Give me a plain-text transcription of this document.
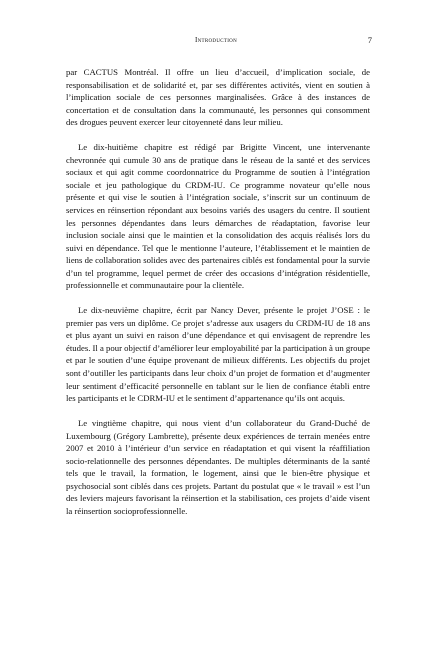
Introduction	7

par CACTUS Montréal. Il offre un lieu d’accueil, d’implication sociale, de responsabilisation et de solidarité et, par ses différentes activités, vient en soutien à l’implication sociale de ces personnes marginalisées. Grâce à des instances de concertation et de consultation dans la communauté, les personnes qui consomment des drogues peuvent exercer leur citoyenneté dans leur milieu.

Le dix-huitième chapitre est rédigé par Brigitte Vincent, une intervenante chevronnée qui cumule 30 ans de pratique dans le réseau de la santé et des services sociaux et qui agit comme coordonnatrice du Programme de soutien à l’intégration sociale et jeu pathologique du CRDM-IU. Ce programme novateur qu’elle nous présente et qui vise le soutien à l’intégration sociale, s’inscrit sur un continuum de services en réinsertion répondant aux besoins variés des usagers du centre. Il soutient les personnes dépendantes dans leurs démarches de réadaptation, favorise leur inclusion sociale ainsi que le maintien et la consolidation des acquis réalisés lors du suivi en dépendance. Tel que le mentionne l’auteure, l’établissement et le maintien de liens de collaboration solides avec des partenaires ciblés est fondamental pour la survie d’un tel programme, lequel permet de créer des occasions d’intégration résidentielle, professionnelle et communautaire pour la clientèle.

Le dix-neuvième chapitre, écrit par Nancy Dever, présente le projet J’OSE : le premier pas vers un diplôme. Ce projet s’adresse aux usagers du CRDM-IU de 18 ans et plus ayant un suivi en raison d’une dépendance et qui envisagent de reprendre les études. Il a pour objectif d’améliorer leur employabilité par la participation à un groupe et par le soutien d’une équipe provenant de milieux différents. Les objectifs du projet sont d’outiller les participants dans leur choix d’un projet de formation et d’augmenter leur sentiment d’efficacité personnelle en tablant sur le lien de confiance établi entre les participants et le CDRM-IU et le sentiment d’appartenance qu’ils ont acquis.

Le vingtième chapitre, qui nous vient d’un collaborateur du Grand-Duché de Luxembourg (Grégory Lambrette), présente deux expériences de terrain menées entre 2007 et 2010 à l’intérieur d’un service en réadaptation et qui visent la réaffiliation socio-relationnelle des personnes dépendantes. De multiples déterminants de la santé tels que le travail, la formation, le logement, ainsi que le bien-être physique et psychosocial sont ciblés dans ces projets. Partant du postulat que « le travail » est l’un des leviers majeurs favorisant la réinsertion et la stabilisation, ces projets d’aide visent la réinsertion socioprofessionnelle.
